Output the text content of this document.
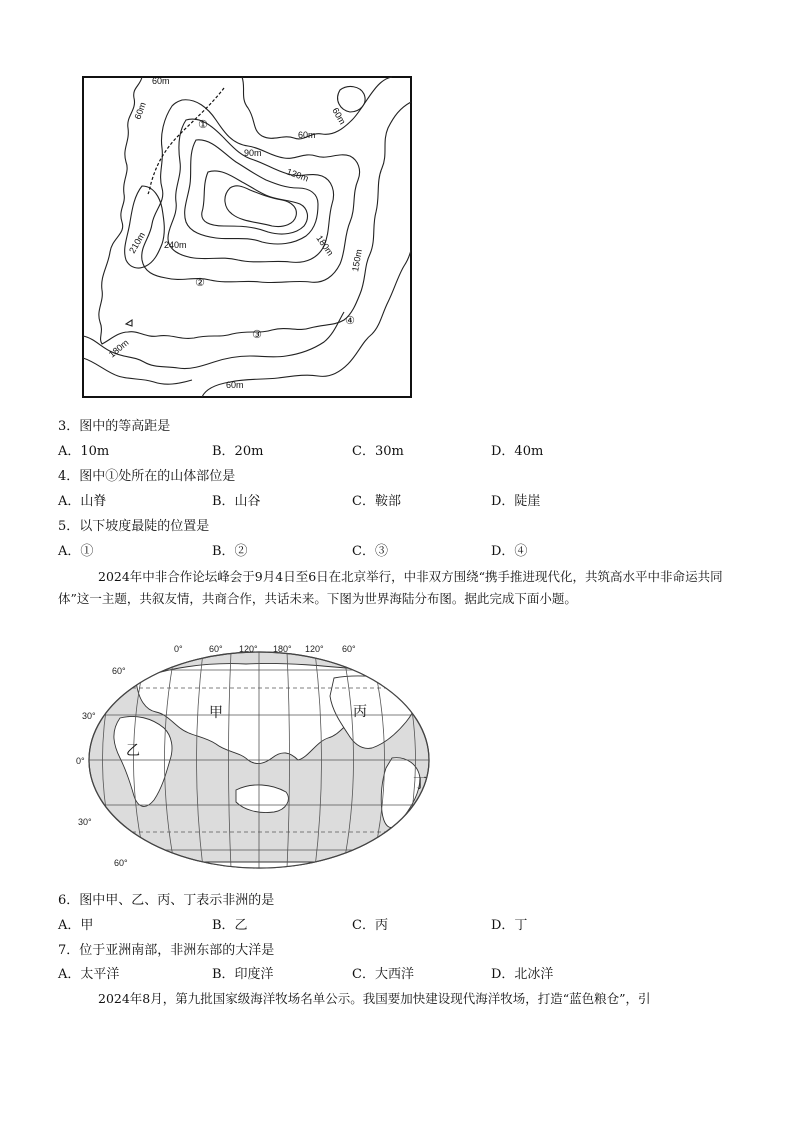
60m
60m
60m
60m
90m
120m
180m
150m
210m 240m
180m
60m
①
②
③
④
3．图中的等高距是
A．10m	B．20m	C．30m	D．40m
4．图中①处所在的山体部位是
A．山脊	B．山谷	C．鞍部	D．陡崖
5．以下坡度最陡的位置是
A．①	B．②	C．③	D．④
2024年中非合作论坛峰会于9月4日至6日在北京举行，中非双方围绕“携手推进现代化，共筑高水平中非命运共同体”这一主题，共叙友情，共商合作，共话未来。下图为世界海陆分布图。据此完成下面小题。
0°	60° 120° 180° 120° 60°
60°
30°
0°
30°
60°
甲
乙
丙
丁
6．图中甲、乙、丙、丁表示非洲的是
A．甲	B．乙	C．丙	D．丁
7．位于亚洲南部，非洲东部的大洋是
A．太平洋	B．印度洋	C．大西洋	D．北冰洋
2024年8月，第九批国家级海洋牧场名单公示。我国要加快建设现代海洋牧场，打造“蓝色粮仓”，引
